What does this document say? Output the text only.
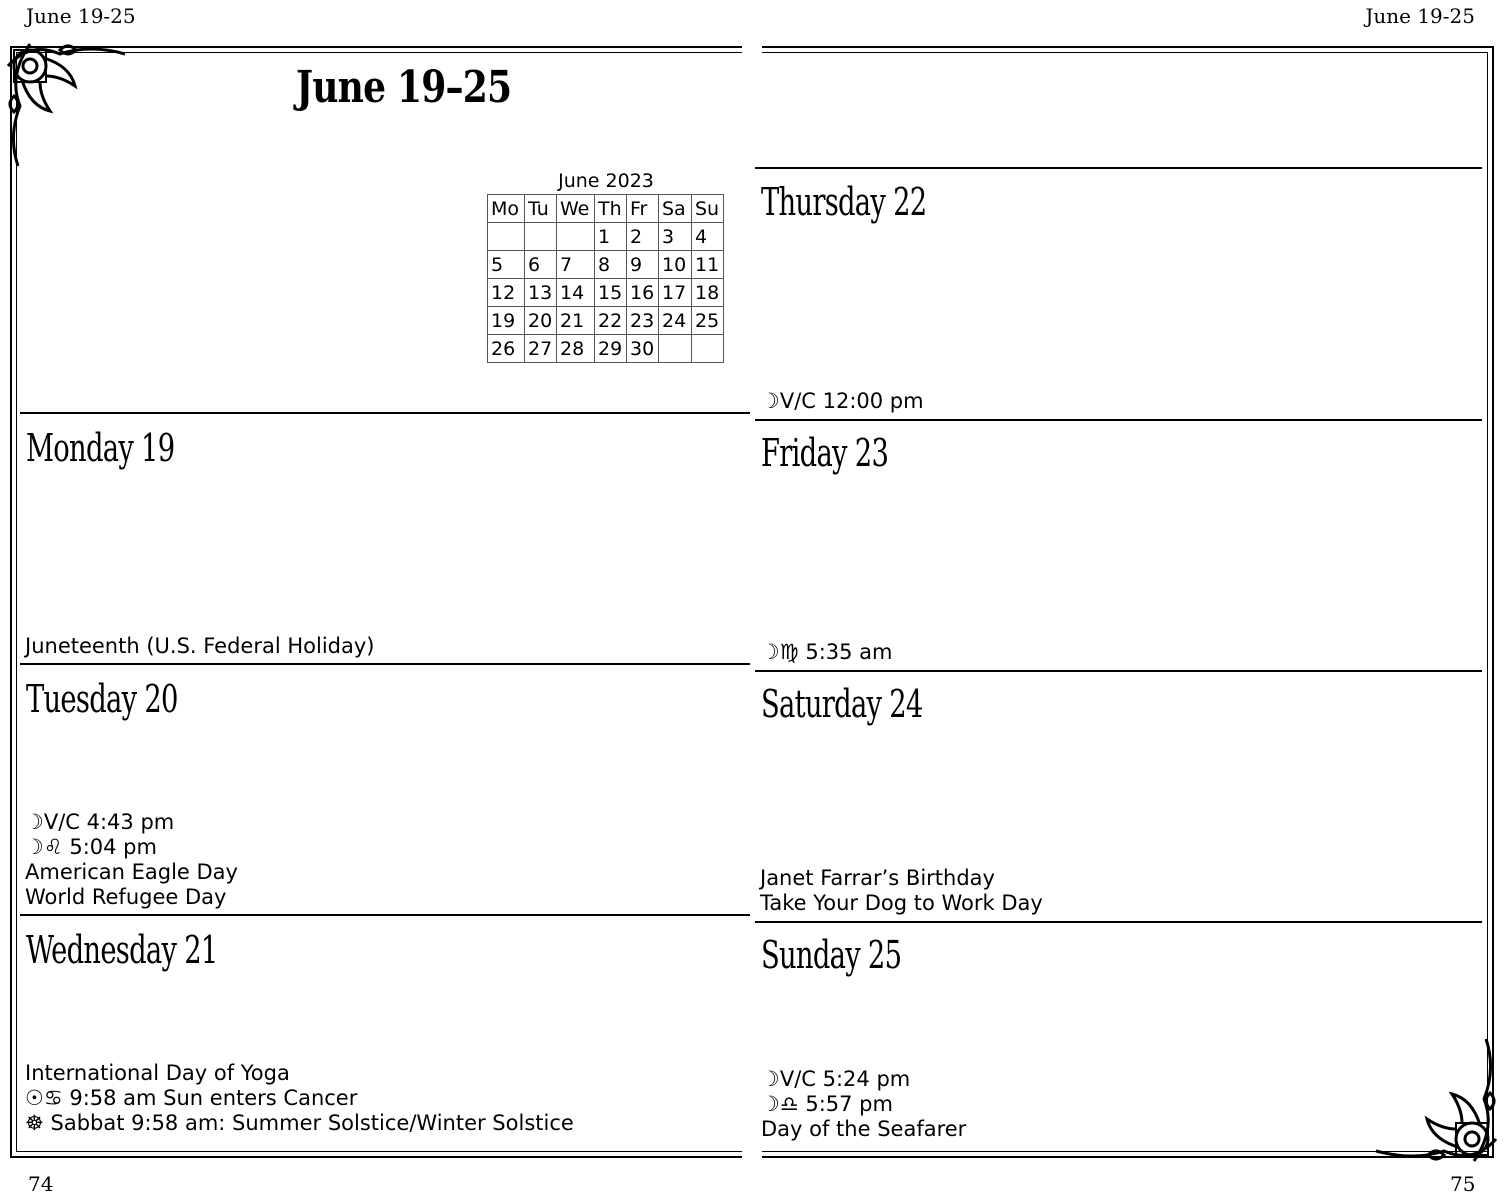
June 19-25	June 19-25
June 19–25
June 2023
Mo	Tu	We	Th	Fr	Sa	Su
			1	2	3	4
5	6	7	8	9	10	11
12	13	14	15	16	17	18
19	20	21	22	23	24	25
26	27	28	29	30		
Monday 19
Juneteenth (U.S. Federal Holiday)
Tuesday 20
☽V/C 4:43 pm
☽♌ 5:04 pm
American Eagle Day
World Refugee Day
Wednesday 21
International Day of Yoga
☉♋ 9:58 am Sun enters Cancer
☸ Sabbat 9:58 am: Summer Solstice/Winter Solstice
Thursday 22
☽V/C 12:00 pm
Friday 23
☽♍ 5:35 am
Saturday 24
Janet Farrar’s Birthday
Take Your Dog to Work Day
Sunday 25
☽V/C 5:24 pm
☽♎ 5:57 pm
Day of the Seafarer
74	75
